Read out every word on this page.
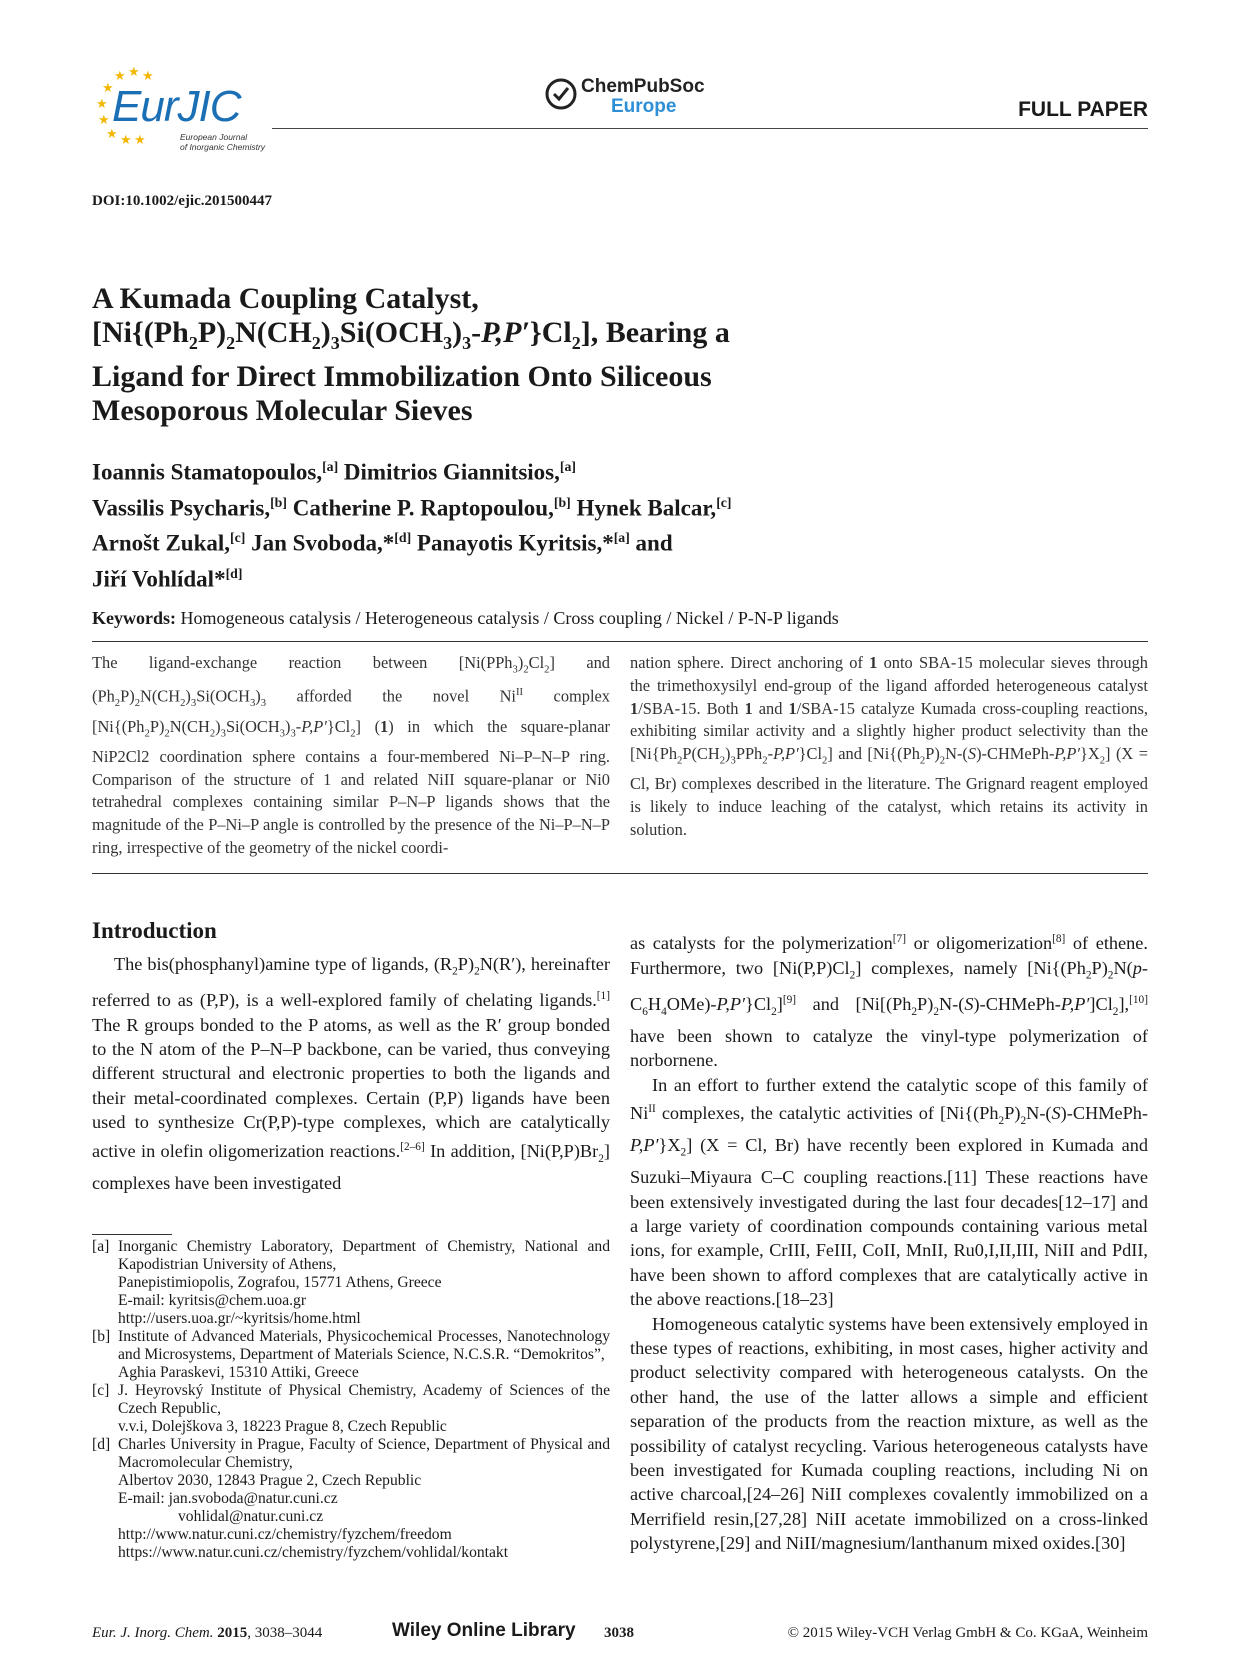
★ ★ ★
★
★
★
★ ★ ★
EurJIC
European Journal
of Inorganic Chemistry
ChemPubSoc
Europe	FULL PAPER
DOI:10.1002/ejic.201500447

A Kumada Coupling Catalyst,

$[Ni\{(Ph_2P)_2N(CH_2)_3Si(OCH_3)_3-P,P'\}Cl_2]$, Bearing a

Ligand for Direct Immobilization Onto Siliceous

Mesoporous Molecular Sieves

Ioannis Stamatopoulos,[a] Dimitrios Giannitsios,[a]

Vassilis Psycharis,[b] Catherine P. Raptopoulou,[b] Hynek Balcar,[c]

Arnošt Zukal,[c] Jan Svoboda,*[d] Panayotis Kyritsis,*[a] and

Jiří Vohlídal*[d]

Keywords: Homogeneous catalysis / Heterogeneous catalysis / Cross coupling / Nickel / P-N-P ligands
The ligand-exchange reaction between $[Ni(PPh_3)_2Cl_2]$ and $(Ph_2P)_2N(CH_2)_3Si(OCH_3)_3$ afforded the novel $Ni^{II}$ complex $[Ni\{(Ph_2P)_2N(CH_2)_3Si(OCH_3)_3-P,P'\}Cl_2]$ (1) in which the square-planar NiP2Cl2 coordination sphere contains a four-membered Ni–P–N–P ring. Comparison of the structure of 1 and related NiII square-planar or Ni0 tetrahedral complexes containing similar P–N–P ligands shows that the magnitude of the P–Ni–P angle is controlled by the presence of the Ni–P–N–P ring, irrespective of the geometry of the nickel coordi-
nation sphere. Direct anchoring of 1 onto SBA-15 molecular sieves through the trimethoxysilyl end-group of the ligand afforded heterogeneous catalyst 1/SBA-15. Both 1 and 1/SBA-15 catalyze Kumada cross-coupling reactions, exhibiting similar activity and a slightly higher product selectivity than the $[Ni\{Ph_2P(CH_2)_3PPh_2-P,P'\}Cl_2]$ and $[Ni\{(Ph_2P)_2N-(S)-CHMePh-P,P'\}X_2] (X = Cl$, Br) complexes described in the literature. The Grignard reagent employed is likely to induce leaching of the catalyst, which retains its activity in solution.
Introduction

The bis(phosphanyl)amine type of ligands, $(R_2P)_2N(R')$, hereinafter referred to as (P,P), is a well-explored family of chelating ligands.[1] The R groups bonded to the P atoms, as well as the R′ group bonded to the N atom of the P–N–P backbone, can be varied, thus conveying different structural and electronic properties to both the ligands and their metal-coordinated complexes. Certain (P,P) ligands have been used to synthesize Cr(P,P)-type complexes, which are catalytically active in olefin oligomerization reactions.[2–6] In addition, $[Ni(P,P)Br_2]$ complexes have been investigated

as catalysts for the polymerization[7] or oligomerization[8] of ethene. Furthermore, two $[Ni(P,P)Cl_2]$ complexes, namely $[Ni\{(Ph_2P)_2N(p-C_6H_4OMe)-P,P'\}Cl_2][9]$ and $[Ni[(Ph_2P)_2N-(S)-CHMePh-P,P']Cl_2],[10]$ have been shown to catalyze the vinyl-type polymerization of norbornene.

In an effort to further extend the catalytic scope of this family of $Ni^{II}$ complexes, the catalytic activities of $[Ni\{(Ph_2P)_2N-(S)-CHMePh-P,P'\}X_2] (X = Cl$, Br) have recently been explored in Kumada and Suzuki–Miyaura C–C coupling reactions.[11] These reactions have been extensively investigated during the last four decades[12–17] and a large variety of coordination compounds containing various metal ions, for example, CrIII, FeIII, CoII, MnII, Ru0,I,II,III, NiII and PdII, have been shown to afford complexes that are catalytically active in the above reactions.[18–23]

Homogeneous catalytic systems have been extensively employed in these types of reactions, exhibiting, in most cases, higher activity and product selectivity compared with heterogeneous catalysts. On the other hand, the use of the latter allows a simple and efficient separation of the products from the reaction mixture, as well as the possibility of catalyst recycling. Various heterogeneous catalysts have been investigated for Kumada coupling reactions, including Ni on active charcoal,[24–26] NiII complexes covalently immobilized on a Merrifield resin,[27,28] NiII acetate immobilized on a cross-linked polystyrene,[29] and NiII/magnesium/lanthanum mixed oxides.[30]

[a] Inorganic Chemistry Laboratory, Department of Chemistry, National and Kapodistrian University of Athens,
Panepistimiopolis, Zografou, 15771 Athens, Greece
E-mail: kyritsis@chem.uoa.gr
http://users.uoa.gr/~kyritsis/home.html
[b] Institute of Advanced Materials, Physicochemical Processes, Nanotechnology and Microsystems, Department of Materials Science, N.C.S.R. “Demokritos”,
Aghia Paraskevi, 15310 Attiki, Greece
[c] J. Heyrovský Institute of Physical Chemistry, Academy of Sciences of the Czech Republic,
v.v.i, Dolejškova 3, 18223 Prague 8, Czech Republic
[d] Charles University in Prague, Faculty of Science, Department of Physical and Macromolecular Chemistry,
Albertov 2030, 12843 Prague 2, Czech Republic
E-mail: jan.svoboda@natur.cuni.cz
vohlidal@natur.cuni.cz
http://www.natur.cuni.cz/chemistry/fyzchem/freedom
https://www.natur.cuni.cz/chemistry/fyzchem/vohlidal/kontakt
Eur. J. Inorg. Chem. 2015, 3038–3044	Wiley Online Library 3038	© 2015 Wiley-VCH Verlag GmbH & Co. KGaA, Weinheim
